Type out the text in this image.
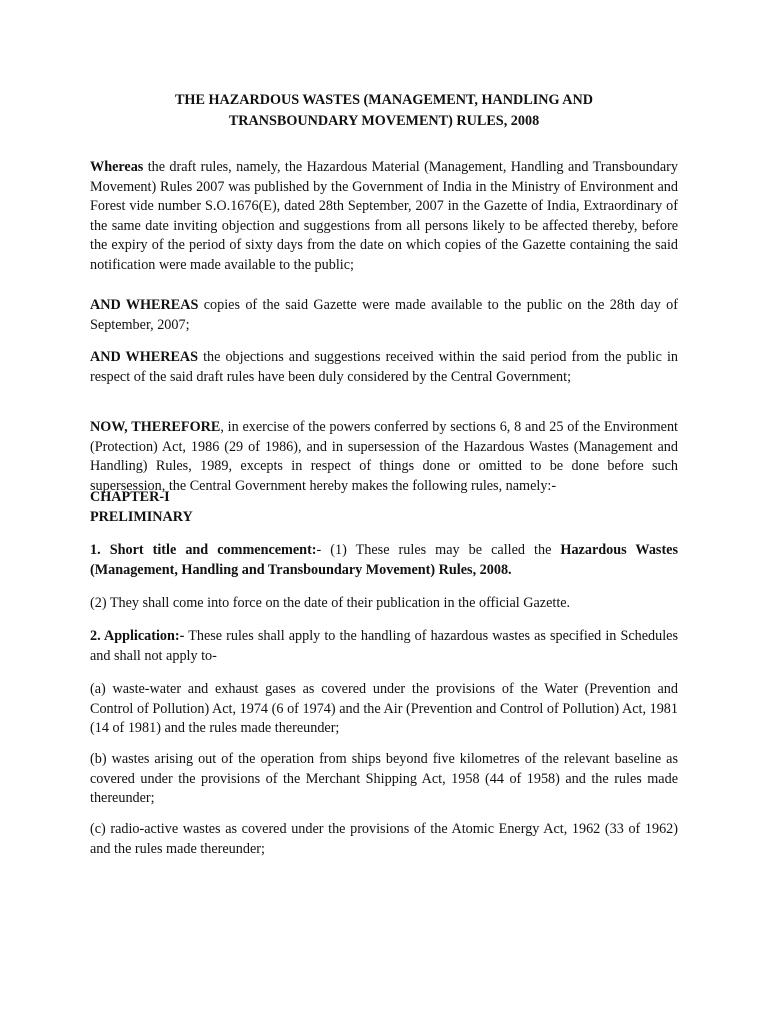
THE HAZARDOUS WASTES (MANAGEMENT, HANDLING AND
TRANSBOUNDARY MOVEMENT) RULES, 2008

Whereas the draft rules, namely, the Hazardous Material (Management, Handling and Transboundary Movement) Rules 2007 was published by the Government of India in the Ministry of Environment and Forest vide number S.O.1676(E), dated 28th September, 2007 in the Gazette of India, Extraordinary of the same date inviting objection and suggestions from all persons likely to be affected thereby, before the expiry of the period of sixty days from the date on which copies of the Gazette containing the said notification were made available to the public;

AND WHEREAS copies of the said Gazette were made available to the public on the 28th day of September, 2007;

AND WHEREAS the objections and suggestions received within the said period from the public in respect of the said draft rules have been duly considered by the Central Government;

NOW, THEREFORE, in exercise of the powers conferred by sections 6, 8 and 25 of the Environment (Protection) Act, 1986 (29 of 1986), and in supersession of the Hazardous Wastes (Management and Handling) Rules, 1989, excepts in respect of things done or omitted to be done before such supersession, the Central Government hereby makes the following rules, namely:-

CHAPTER-I
PRELIMINARY

1. Short title and commencement:- (1) These rules may be called the Hazardous Wastes (Management, Handling and Transboundary Movement) Rules, 2008.

(2) They shall come into force on the date of their publication in the official Gazette.

2. Application:- These rules shall apply to the handling of hazardous wastes as specified in Schedules and shall not apply to-

(a) waste-water and exhaust gases as covered under the provisions of the Water (Prevention and Control of Pollution) Act, 1974 (6 of 1974) and the Air (Prevention and Control of Pollution) Act, 1981 (14 of 1981) and the rules made thereunder;

(b) wastes arising out of the operation from ships beyond five kilometres of the relevant baseline as covered under the provisions of the Merchant Shipping Act, 1958 (44 of 1958) and the rules made thereunder;

(c) radio-active wastes as covered under the provisions of the Atomic Energy Act, 1962 (33 of 1962) and the rules made thereunder;
